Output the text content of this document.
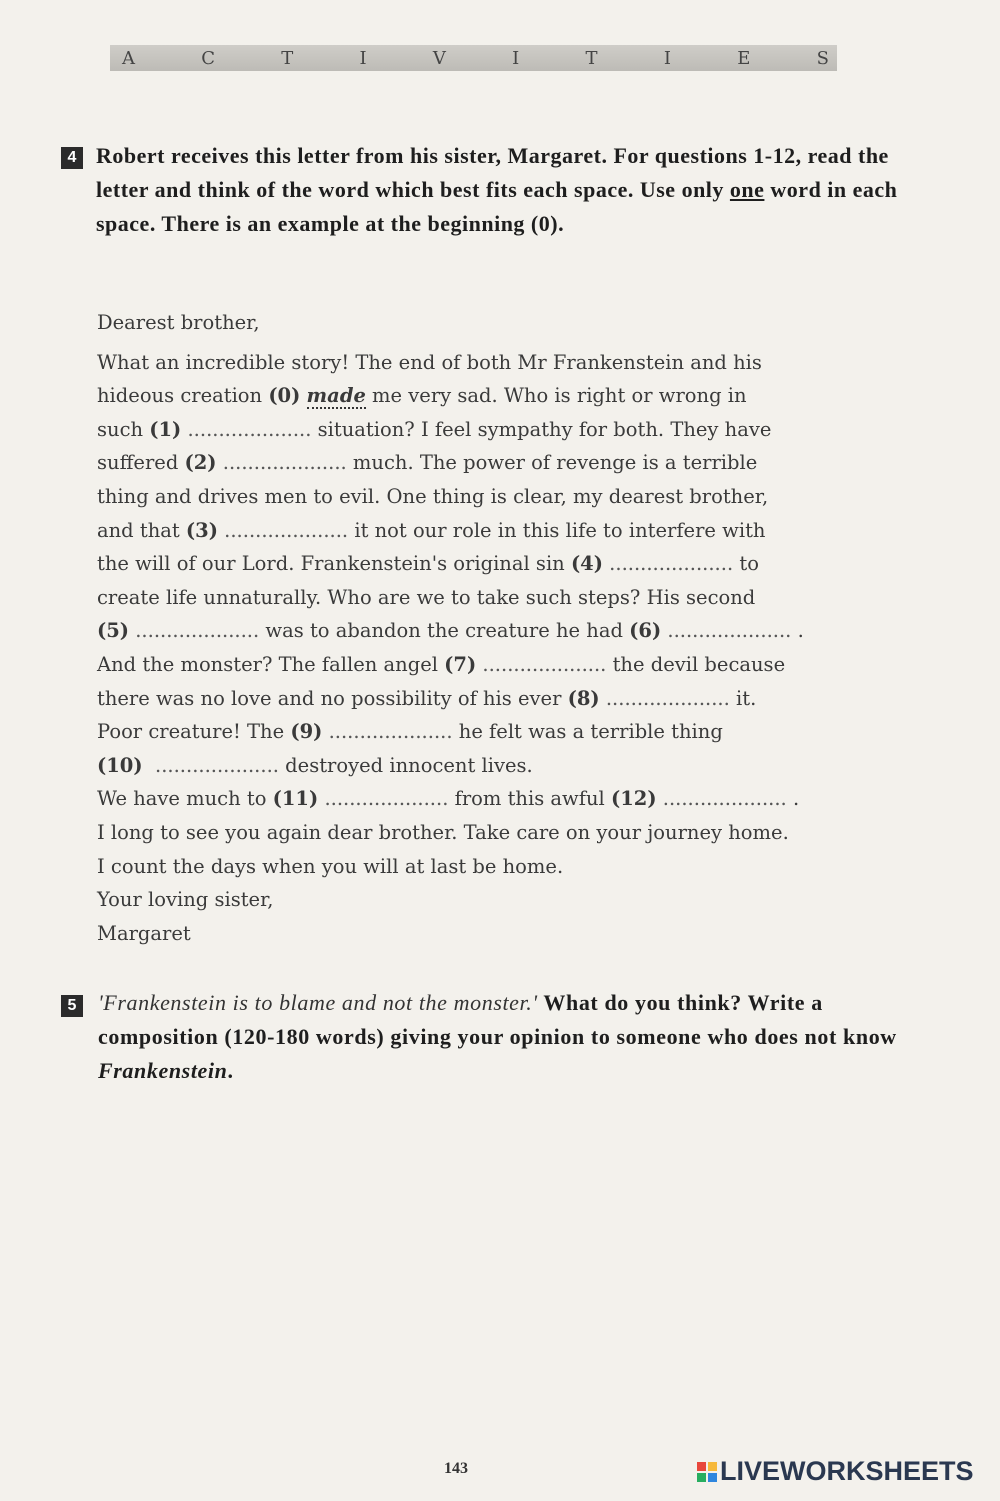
A	C	T	I	V	I	T	I	E	S
4 Robert receives this letter from his sister, Margaret. For questions 1-12, read the letter and think of the word which best fits each space. Use only one word in each space. There is an example at the beginning (0).
Dearest brother,
What an incredible story! The end of both Mr Frankenstein and his
hideous creation (0) made me very sad. Who is right or wrong in
such (1) .................... situation? I feel sympathy for both. They have
suffered (2) .................... much. The power of revenge is a terrible
thing and drives men to evil. One thing is clear, my dearest brother,
and that (3) .................... it not our role in this life to interfere with
the will of our Lord. Frankenstein's original sin (4) .................... to
create life unnaturally. Who are we to take such steps? His second
(5) .................... was to abandon the creature he had (6) .................... .
And the monster? The fallen angel (7) .................... the devil because
there was no love and no possibility of his ever (8) .................... it.
Poor creature! The (9) .................... he felt was a terrible thing
(10) .................... destroyed innocent lives.
We have much to (11) .................... from this awful (12) .................... .
I long to see you again dear brother. Take care on your journey home.
I count the days when you will at last be home.
Your loving sister,
Margaret
5 'Frankenstein is to blame and not the monster.' What do you think? Write a composition (120-180 words) giving your opinion to someone who does not know Frankenstein.
143	LIVEWORKSHEETS
